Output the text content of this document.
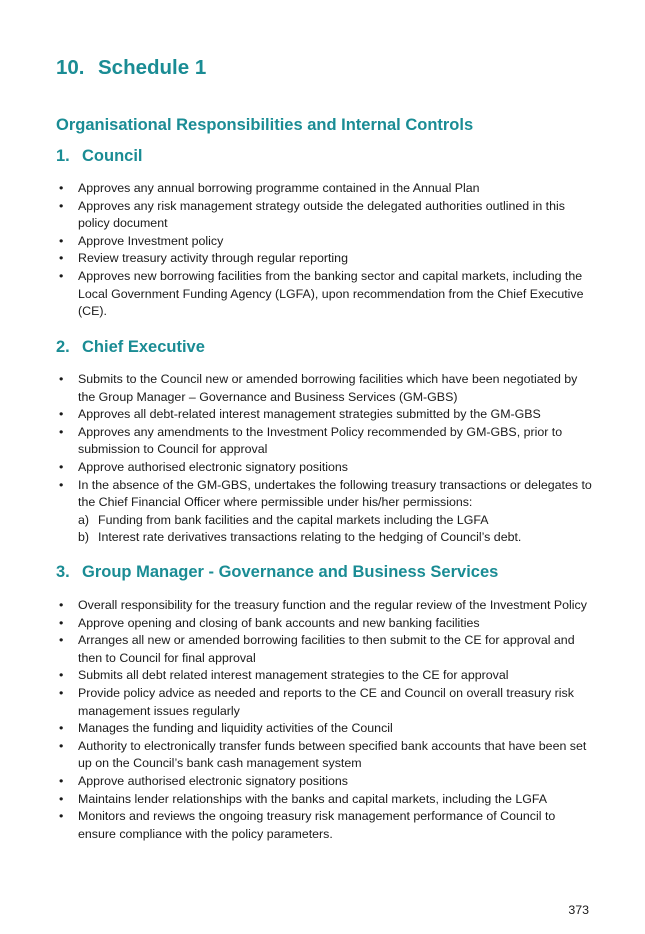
10. Schedule 1
Organisational Responsibilities and Internal Controls
1. Council
• Approves any annual borrowing programme contained in the Annual Plan
• Approves any risk management strategy outside the delegated authorities outlined in this policy document
• Approve Investment policy
• Review treasury activity through regular reporting
• Approves new borrowing facilities from the banking sector and capital markets, including the Local Government Funding Agency (LGFA), upon recommendation from the Chief Executive (CE).
2. Chief Executive
• Submits to the Council new or amended borrowing facilities which have been negotiated by the Group Manager – Governance and Business Services (GM-GBS)
• Approves all debt-related interest management strategies submitted by the GM-GBS
• Approves any amendments to the Investment Policy recommended by GM-GBS, prior to submission to Council for approval
• Approve authorised electronic signatory positions
• In the absence of the GM-GBS, undertakes the following treasury transactions or delegates to the Chief Financial Officer where permissible under his/her permissions:
a) Funding from bank facilities and the capital markets including the LGFA
b) Interest rate derivatives transactions relating to the hedging of Council’s debt.
3. Group Manager - Governance and Business Services
• Overall responsibility for the treasury function and the regular review of the Investment Policy
• Approve opening and closing of bank accounts and new banking facilities
• Arranges all new or amended borrowing facilities to then submit to the CE for approval and then to Council for final approval
• Submits all debt related interest management strategies to the CE for approval
• Provide policy advice as needed and reports to the CE and Council on overall treasury risk management issues regularly
• Manages the funding and liquidity activities of the Council
• Authority to electronically transfer funds between specified bank accounts that have been set up on the Council’s bank cash management system
• Approve authorised electronic signatory positions
• Maintains lender relationships with the banks and capital markets, including the LGFA
• Monitors and reviews the ongoing treasury risk management performance of Council to ensure compliance with the policy parameters.
373
